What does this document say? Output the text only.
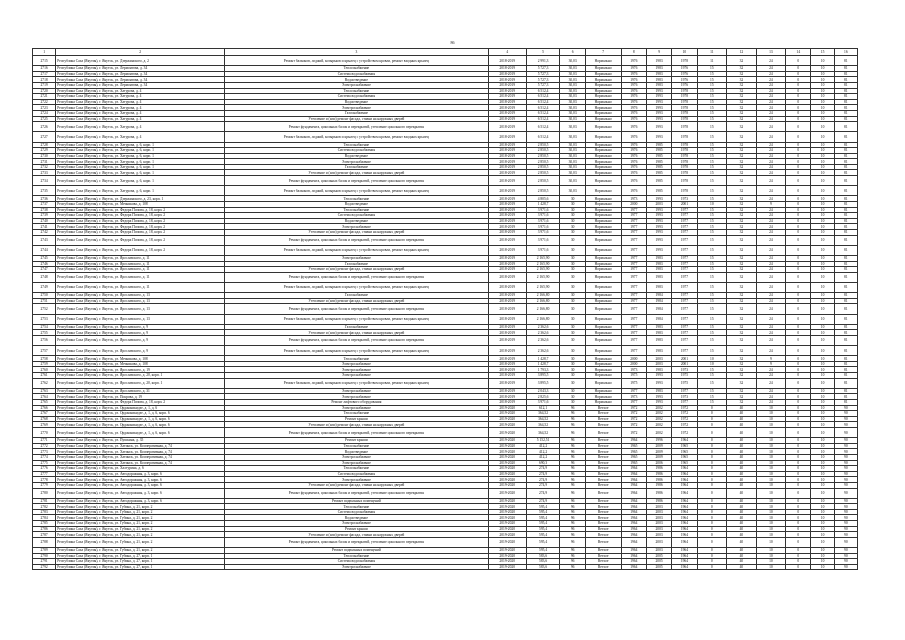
86
1	2	3	4	5	6	7	8	9	10	11	12	13	14	15	16
2715	Республика Саха (Якутия), г. Якутск, ул. Дзержинского, д. 2	Ремонт балконов, лоджий, козырьков и крылец с устройством кровли, ремонт входных крылец	2018-2019	2 991,3	30,03	Нормально	1976	1983	1978	11	32	24	0	10	81
2716	Республика Саха (Якутия), г. Якутск, ул. Лермонтова, д. 34	Теплоснабжение	2018-2019	5 727,3	30,03	Нормально	1976	1983	1976	15	32	24	0	10	81
2717	Республика Саха (Якутия), г. Якутск, ул. Лермонтова, д. 34	Система водоснабжения	2018-2019	5 727,3	30,03	Нормально	1976	1983	1976	15	32	24	0	10	81
2718	Республика Саха (Якутия), г. Якутск, ул. Лермонтова, д. 34	Водоотведение	2018-2019	5 727,3	30,03	Нормально	1976	1983	1976	15	32	24	0	10	81
2719	Республика Саха (Якутия), г. Якутск, ул. Лермонтова, д. 34	Электроснабжение	2018-2019	5 727,3	30,03	Нормально	1976	1983	1976	15	32	24	0	10	81
2720	Республика Саха (Якутия), г. Якутск, ул. Хатурова, д. 4	Теплоснабжение	2018-2019	6 512,4	30,03	Нормально	1976	1993	1978	15	32	24	0	10	81
2721	Республика Саха (Якутия), г. Якутск, ул. Хатурова, д. 4	Система водоснабжения	2018-2019	6 512,4	30,03	Нормально	1976	1993	1978	15	32	24	0	10	81
2722	Республика Саха (Якутия), г. Якутск, ул. Хатурова, д. 4	Водоотведение	2018-2019	6 512,4	30,03	Нормально	1976	1993	1978	15	32	24	0	10	81
2723	Республика Саха (Якутия), г. Якутск, ул. Хатурова, д. 4	Электроснабжение	2018-2019	6 512,4	30,03	Нормально	1976	1993	1978	15	32	24	0	10	81
2724	Республика Саха (Якутия), г. Якутск, ул. Хатурова, д. 4	Газоснабжение	2018-2019	6 512,4	30,03	Нормально	1976	1993	1978	15	32	24	0	10	81
2725	Республика Саха (Якутия), г. Якутск, ул. Хатурова, д. 4	Утепление и (или) ремонт фасада, ставни на наружных дверей	2018-2019	6 512,4	30,03	Нормально	1976	1993	1978	15	32	24	0	10	81
2726	Республика Саха (Якутия), г. Якутск, ул. Хатурова, д. 4	Ремонт фундамента, цокольных балок и перекрытий, утепление цокольного перекрытия	2018-2019	6 512,4	30,03	Нормально	1976	1993	1978	15	32	24	0	10	81
2727	Республика Саха (Якутия), г. Якутск, ул. Хатурова, д. 4	Ремонт балконов, лоджий, козырьков и крылец с устройством кровли, ремонт входных крылец	2018-2019	6 512,4	30,03	Нормально	1976	1993	1978	15	32	24	0	10	81
2728	Республика Саха (Якутия), г. Якутск, ул. Хатурова, д. 6, корп. 1	Теплоснабжение	2018-2019	2 850,5	30,03	Нормально	1976	1985	1978	15	32	24	0	10	81
2729	Республика Саха (Якутия), г. Якутск, ул. Хатурова, д. 6, корп. 1	Система водоснабжения	2018-2019	2 850,5	30,03	Нормально	1976	1985	1978	15	32	24	0	10	81
2730	Республика Саха (Якутия), г. Якутск, ул. Хатурова, д. 6, корп. 1	Водоотведение	2018-2019	2 850,5	30,03	Нормально	1976	1985	1978	15	32	24	0	10	81
2731	Республика Саха (Якутия), г. Якутск, ул. Хатурова, д. 6, корп. 1	Электроснабжение	2018-2019	2 850,5	30,03	Нормально	1976	1985	1978	15	32	24	0	10	81
2732	Республика Саха (Якутия), г. Якутск, ул. Хатурова, д. 6, корп. 1	Газоснабжение	2018-2019	2 850,5	30,03	Нормально	1976	1985	1978	15	32	24	0	10	81
2733	Республика Саха (Якутия), г. Якутск, ул. Хатурова, д. 6, корп. 1	Утепление и (или) ремонт фасада, ставни на наружных дверей	2018-2019	2 850,5	30,03	Нормально	1976	1985	1978	15	32	24	0	10	81
2734	Республика Саха (Якутия), г. Якутск, ул. Хатурова, д. 6, корп. 1	Ремонт фундамента, цокольных балок и перекрытий, утепление цокольного перекрытия	2018-2019	2 850,5	30,03	Нормально	1976	1985	1978	15	32	24	0	10	81
2735	Республика Саха (Якутия), г. Якутск, ул. Хатурова, д. 6, корп. 1	Ремонт балконов, лоджий, козырьков и крылец с устройством кровли, ремонт входных крылец	2018-2019	2 850,5	30,03	Нормально	1976	1985	1978	15	32	24	0	10	81
2736	Республика Саха (Якутия), г. Якутск, ул. Дзержинского, д. 23, корп. 1	Теплоснабжение	2018-2019	4 805,6	30	Нормально	1973	1993	1973	15	32	24	0	10	81
2737	Республика Саха (Якутия), г. Якутск, ул. Мечникова, д. 108	Водоотведение	2018-2019	1 428,7	30	Нормально	2000	2003	2001	10	32	9	0	10	81
2738	Республика Саха (Якутия), г. Якутск, ул. Федора Попова, д. 18, корп. 2	Теплоснабжение	2018-2019	3 971,6	30	Нормально	1977	1993	1977	15	32	24	0	10	81
2739	Республика Саха (Якутия), г. Якутск, ул. Федора Попова, д. 18, корп. 2	Система водоснабжения	2018-2019	3 971,6	30	Нормально	1977	1993	1977	15	32	24	0	10	81
2740	Республика Саха (Якутия), г. Якутск, ул. Федора Попова, д. 18, корп. 2	Водоотведение	2018-2019	3 971,6	30	Нормально	1977	1993	1977	15	32	24	0	10	81
2741	Республика Саха (Якутия), г. Якутск, ул. Федора Попова, д. 18, корп. 2	Электроснабжение	2018-2019	3 971,6	30	Нормально	1977	1993	1977	15	32	24	0	10	81
2742	Республика Саха (Якутия), г. Якутск, ул. Федора Попова, д. 18, корп. 2	Утепление и (или) ремонт фасада, ставни на наружных дверей	2018-2019	3 971,6	30	Нормально	1977	1993	1977	15	32	24	0	10	81
2743	Республика Саха (Якутия), г. Якутск, ул. Федора Попова, д. 18, корп. 2	Ремонт фундамента, цокольных балок и перекрытий, утепление цокольного перекрытия	2018-2019	3 971,6	30	Нормально	1977	1993	1977	15	32	24	0	10	81
2744	Республика Саха (Якутия), г. Якутск, ул. Федора Попова, д. 18, корп. 2	Ремонт балконов, лоджий, козырьков и крылец с устройством кровли, ремонт входных крылец	2018-2019	3 971,6	30	Нормально	1977	1993	1977	15	32	24	0	10	81
2745	Республика Саха (Якутия), г. Якутск, ул. Ярославского, д. 11	Электроснабжение	2018-2019	2 165,90	30	Нормально	1977	1983	1977	15	32	24	0	10	81
2746	Республика Саха (Якутия), г. Якутск, ул. Ярославского, д. 11	Газоснабжение	2018-2019	2 165,90	30	Нормально	1977	1983	1977	15	32	24	0	10	81
2747	Республика Саха (Якутия), г. Якутск, ул. Ярославского, д. 11	Утепление и (или) ремонт фасада, ставни на наружных дверей	2018-2019	2 165,90	30	Нормально	1977	1983	1977	15	32	24	0	10	81
2748	Республика Саха (Якутия), г. Якутск, ул. Ярославского, д. 11	Ремонт фундамента, цокольных балок и перекрытий, утепление цокольного перекрытия	2018-2019	2 165,90	30	Нормально	1977	1983	1977	15	32	24	0	10	81
2749	Республика Саха (Якутия), г. Якутск, ул. Ярославского, д. 11	Ремонт балконов, лоджий, козырьков и крылец с устройством кровли, ремонт входных крылец	2018-2019	2 165,90	30	Нормально	1977	1983	1977	15	32	24	0	10	81
2750	Республика Саха (Якутия), г. Якутск, ул. Ярославского, д. 13	Газоснабжение	2018-2019	2 166,80	30	Нормально	1977	1984	1977	15	32	24	0	10	81
2751	Республика Саха (Якутия), г. Якутск, ул. Ярославского, д. 13	Утепление и (или) ремонт фасада, ставни на наружных дверей	2018-2019	2 166,80	30	Нормально	1977	1984	1977	15	32	24	0	10	81
2752	Республика Саха (Якутия), г. Якутск, ул. Ярославского, д. 13	Ремонт фундамента, цокольных балок и перекрытий, утепление цокольного перекрытия	2018-2019	2 166,80	30	Нормально	1977	1984	1977	15	32	24	0	10	81
2753	Республика Саха (Якутия), г. Якутск, ул. Ярославского, д. 13	Ремонт балконов, лоджий, козырьков и крылец с устройством кровли, ремонт входных крылец	2018-2019	2 166,80	30	Нормально	1977	1984	1977	15	32	24	0	10	81
2754	Республика Саха (Якутия), г. Якутск, ул. Ярославского, д. 9	Газоснабжение	2018-2019	2 362,6	30	Нормально	1977	1983	1977	15	32	24	0	10	81
2755	Республика Саха (Якутия), г. Якутск, ул. Ярославского, д. 9	Утепление и (или) ремонт фасада, ставни на наружных дверей	2018-2019	2 362,6	30	Нормально	1977	1983	1977	15	32	24	0	10	81
2756	Республика Саха (Якутия), г. Якутск, ул. Ярославского, д. 9	Ремонт фундамента, цокольных балок и перекрытий, утепление цокольного перекрытия	2018-2019	2 362,6	30	Нормально	1977	1983	1977	15	32	24	0	10	81
2757	Республика Саха (Якутия), г. Якутск, ул. Ярославского, д. 9	Ремонт балконов, лоджий, козырьков и крылец с устройством кровли, ремонт входных крылец	2018-2019	2 362,6	30	Нормально	1977	1983	1977	15	32	24	0	10	81
2758	Республика Саха (Якутия), г. Якутск, ул. Мечникова, д. 108	Теплоснабжение	2018-2019	1 428,7	30	Нормально	2000	2003	2001	10	32	9	0	10	81
2759	Республика Саха (Якутия), г. Якутск, ул. Мечникова, д. 108	Электроснабжение	2018-2019	1 428,7	30	Нормально	2000	2003	2001	10	32	9	0	10	81
2760	Республика Саха (Якутия), г. Якутск, ул. Ярославского, д. 19	Электроснабжение	2018-2019	1 793,3	30	Нормально	1973	1983	1973	15	32	24	0	10	81
2761	Республика Саха (Якутия), г. Якутск, ул. Ярославского, д. 20, корп. 1	Электроснабжение	2018-2019	3 895,5	30	Нормально	1975	1993	1975	15	32	24	0	10	81
2762	Республика Саха (Якутия), г. Якутск, ул. Ярославского, д. 20, корп. 1	Ремонт балконов, лоджий, козырьков и крылец с устройством кровли, ремонт входных крылец	2018-2019	3 895,5	30	Нормально	1975	1993	1975	15	32	24	0	10	81
2763	Республика Саха (Якутия), г. Якутск, ул. Ярославского, д. 31	Электроснабжение	2018-2019	2 043,3	30	Нормально	1977	1983	1977	15	32	24	0	10	81
2764	Республика Саха (Якутия), г. Якутск, ул. Покрова, д. 19	Электроснабжение	2018-2019	2 825,6	30	Нормально	1973	1993	1973	15	32	24	0	10	81
2765	Республика Саха (Якутия), г. Якутск, ул. Федора Попова, д. 18, корп. 2	Ремонт лифтового оборудования	2018-2019	3 971,6	30	Нормально	1977	1993	1977	15	32	24	0	10	81
2766	Республика Саха (Якутия), г. Якутск, ул. Орджоникидзе, д. 1, д. 6	Электроснабжение	2019-2020	612,1	96	Ветхое	1972	2002	1972	0	40	10	0	10	90
2767	Республика Саха (Якутия), г. Якутск, ул. Орджоникидзе, д. 1, д. 6, корп. 6	Теплоснабжение	2019-2020	364,52	96	Ветхое	1972	2002	1972	0	40	10	0	10	90
2768	Республика Саха (Якутия), г. Якутск, ул. Орджоникидзе, д. 1, д. 6, корп. 6	Ремонт крыши	2019-2020	364,52	96	Ветхое	1972	2002	1972	0	40	10	0	10	90
2769	Республика Саха (Якутия), г. Якутск, ул. Орджоникидзе, д. 1, д. 6, корп. 6	Утепление и (или) ремонт фасада, ставни на наружных дверей	2019-2020	364,52	96	Ветхое	1972	2002	1972	0	40	10	0	10	90
2770	Республика Саха (Якутия), г. Якутск, ул. Орджоникидзе, д. 1, д. 6, корп. 6	Ремонт фундамента, цокольных балок и перекрытий, утепление цокольного перекрытия	2019-2020	364,52	96	Ветхое	1972	2002	1972	0	40	10	0	10	90
2771	Республика Саха (Якутия), г. Якутск, ул. Пушкина, д. 35	Ремонт крыши	2019-2020	5 152,51	96	Ветхое	1964	1996	1964	0	40	10	0	10	90
2772	Республика Саха (Якутия), г. Якутск, ул. Хатинск, ул. Кооперативная, д. 74	Теплоснабжение	2019-2020	412,2	96	Ветхое	1965	2009	1965	0	40	10	0	10	90
2773	Республика Саха (Якутия), г. Якутск, ул. Хатинск, ул. Кооперативная, д. 74	Водоотведение	2019-2020	412,2	96	Ветхое	1965	2009	1965	0	40	10	0	10	90
2774	Республика Саха (Якутия), г. Якутск, ул. Хатинск, ул. Кооперативная, д. 74	Электроснабжение	2019-2020	412,2	96	Ветхое	1965	2009	1965	0	40	10	0	10	90
2775	Республика Саха (Якутия), г. Якутск, ул. Хатинск, ул. Кооперативная, д. 74	Электроснабжение	2019-2020	690,3	96	Ветхое	1965	2006	1965	0	40	10	0	10	90
2776	Республика Саха (Якутия), г. Якутск, ул. Халтурина, д. 6	Теплоснабжение	2019-2020	274,9	96	Ветхое	1964	1986	1964	0	40	10	0	10	90
2777	Республика Саха (Якутия), г. Якутск, ул. Автодорожная, д. 3, корп. 6	Система водоснабжения	2019-2020	274,9	96	Ветхое	1964	1986	1964	0	40	10	0	10	90
2778	Республика Саха (Якутия), г. Якутск, ул. Автодорожная, д. 3, корп. 6	Электроснабжение	2019-2020	274,9	96	Ветхое	1964	1986	1964	0	40	10	0	10	90
2779	Республика Саха (Якутия), г. Якутск, ул. Автодорожная, д. 3, корп. 6	Утепление и (или) ремонт фасада, ставни на наружных дверей	2019-2020	274,9	96	Ветхое	1964	1986	1964	0	40	10	0	10	90
2780	Республика Саха (Якутия), г. Якутск, ул. Автодорожная, д. 3, корп. 6	Ремонт фундамента, цокольных балок и перекрытий, утепление цокольного перекрытия	2019-2020	274,9	96	Ветхое	1964	1986	1964	0	40	10	0	10	90
2781	Республика Саха (Якутия), г. Якутск, ул. Автодорожная, д. 3, корп. 6	Ремонт подвальных помещений	2019-2020	274,9	96	Ветхое	1964	1986	1964	0	40	10	0	10	90
2782	Республика Саха (Якутия), г. Якутск, ул. Губина, д. 21, корп. 2	Теплоснабжение	2019-2020	595,4	96	Ветхое	1964	2003	1964	0	40	10	0	10	90
2783	Республика Саха (Якутия), г. Якутск, ул. Губина, д. 21, корп. 2	Система водоснабжения	2019-2020	595,4	96	Ветхое	1964	2003	1964	0	40	10	0	10	90
2784	Республика Саха (Якутия), г. Якутск, ул. Губина, д. 21, корп. 2	Водоотведение	2019-2020	595,4	96	Ветхое	1964	2003	1964	0	40	10	0	10	90
2785	Республика Саха (Якутия), г. Якутск, ул. Губина, д. 21, корп. 2	Электроснабжение	2019-2020	595,4	96	Ветхое	1964	2003	1964	0	40	10	0	10	90
2786	Республика Саха (Якутия), г. Якутск, ул. Губина, д. 21, корп. 2	Ремонт крыши	2019-2020	595,4	96	Ветхое	1964	2003	1964	0	40	10	0	10	90
2787	Республика Саха (Якутия), г. Якутск, ул. Губина, д. 21, корп. 2	Утепление и (или) ремонт фасада, ставни на наружных дверей	2019-2020	595,4	96	Ветхое	1964	2003	1964	0	40	10	0	10	90
2788	Республика Саха (Якутия), г. Якутск, ул. Губина, д. 21, корп. 2	Ремонт фундамента, цокольных балок и перекрытий, утепление цокольного перекрытия	2019-2020	595,4	96	Ветхое	1964	2003	1964	0	40	10	0	10	90
2789	Республика Саха (Якутия), г. Якутск, ул. Губина, д. 21, корп. 2	Ремонт подвальных помещений	2019-2020	595,4	96	Ветхое	1964	2003	1964	0	40	10	0	10	90
2790	Республика Саха (Якутия), г. Якутск, ул. Губина, д. 27, корп. 1	Теплоснабжение	2019-2020	583,6	96	Ветхое	1964	2005	1964	0	40	10	0	10	90
2791	Республика Саха (Якутия), г. Якутск, ул. Губина, д. 27, корп. 1	Система водоснабжения	2019-2020	583,6	96	Ветхое	1964	2005	1964	0	40	10	0	10	90
2792	Республика Саха (Якутия), г. Якутск, ул. Губина, д. 27, корп. 1	Электроснабжение	2019-2020	583,6	96	Ветхое	1964	2005	1964	0	40	10	0	10	90
